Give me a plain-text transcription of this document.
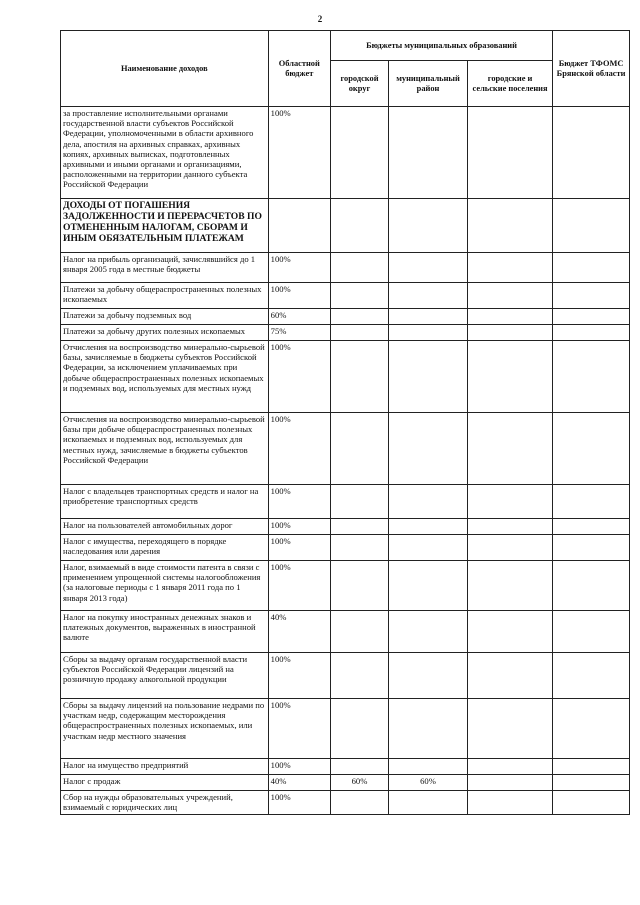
2
Наименование доходов	Областной бюджет	Бюджеты муниципальных образований			Бюджет ТФОМС Брянской области
		городской округ	муниципальный район	городские и сельские поселения	
за проставление исполнительными органами государственной власти субъектов Российской Федерации, уполномоченными в области архивного дела, апостиля на архивных справках, архивных копиях, архивных выписках, подготовленных архивными и иными органами и организациями, расположенными на территории данного субъекта Российской Федерации	100%				
ДОХОДЫ ОТ ПОГАШЕНИЯ ЗАДОЛЖЕННОСТИ И ПЕРЕРАСЧЕТОВ ПО ОТМЕНЕННЫМ НАЛОГАМ, СБОРАМ И ИНЫМ ОБЯЗАТЕЛЬНЫМ ПЛАТЕЖАМ					
Налог на прибыль организаций, зачислявшийся до 1 января 2005 года в местные бюджеты	100%				
Платежи за добычу общераспространенных полезных ископаемых	100%				
Платежи за добычу подземных вод	60%				
Платежи за добычу других полезных ископаемых	75%				
Отчисления на воспроизводство минерально-сырьевой базы, зачисляемые в бюджеты субъектов Российской Федерации, за исключением уплачиваемых при добыче общераспространенных полезных ископаемых и подземных вод, используемых для местных нужд	100%				
Отчисления на воспроизводство минерально-сырьевой базы при добыче общераспространенных полезных ископаемых и подземных вод, используемых для местных нужд, зачисляемые в бюджеты субъектов Российской Федерации	100%				
Налог с владельцев транспортных средств и налог на приобретение транспортных средств	100%				
Налог на пользователей автомобильных дорог	100%				
Налог с имущества, переходящего в порядке наследования или дарения	100%				
Налог, взимаемый в виде стоимости патента в связи с применением упрощенной системы налогообложения (за налоговые периоды с 1 января 2011 года по 1 января 2013 года)	100%				
Налог на покупку иностранных денежных знаков и платежных документов, выраженных в иностранной валюте	40%				
Сборы за выдачу органам государственной власти субъектов Российской Федерации лицензий на розничную продажу алкогольной продукции	100%				
Сборы за выдачу лицензий на пользование недрами по участкам недр, содержащим месторождения общераспространенных полезных ископаемых, или участкам недр местного значения	100%				
Налог на имущество предприятий	100%				
Налог с продаж	40%	60%	60%		
Сбор на нужды образовательных учреждений, взимаемый с юридических лиц	100%				
